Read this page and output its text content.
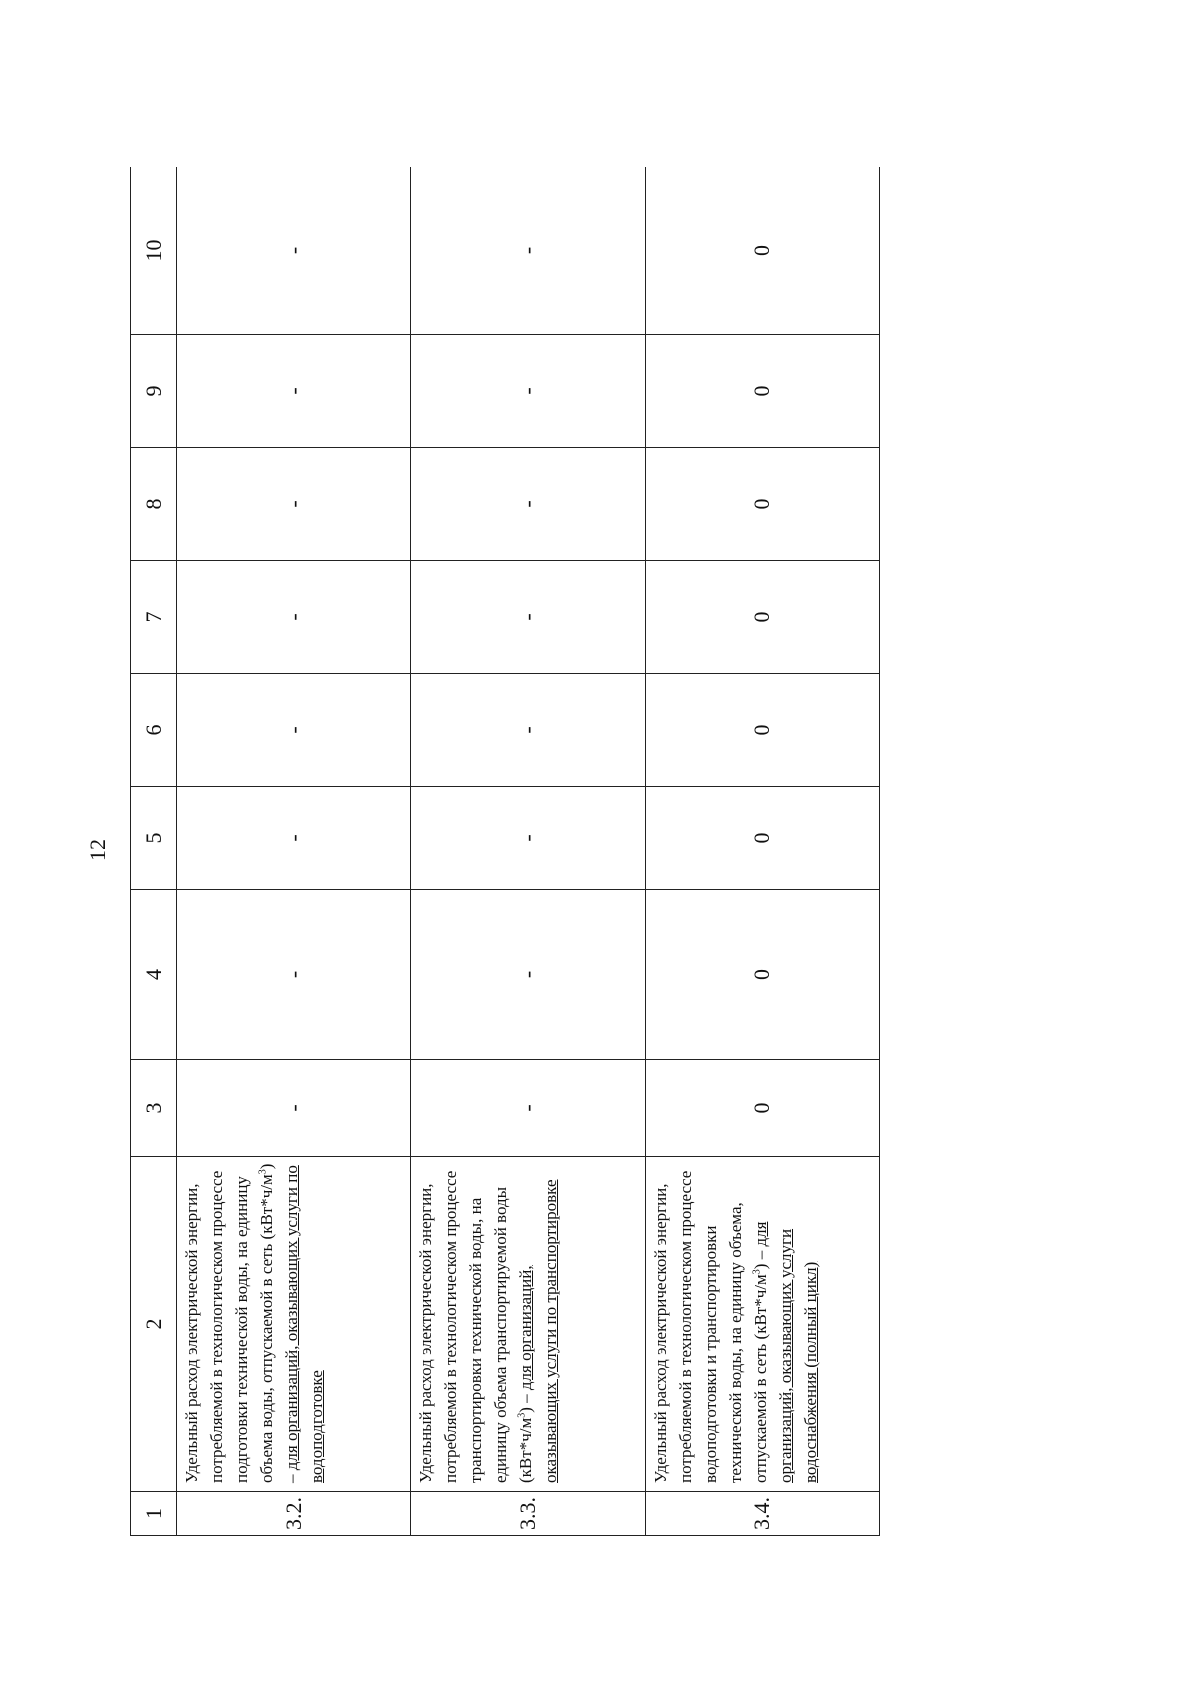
12
1	2	3	4	5	6	7	8	9	10
3.2.	Удельный расход электрической энергии, потребляемой в технологическом процессе подготовки технической воды, на единицу объема воды, отпускаемой в сеть $(кВт*ч/м^3)$ – для организаций, оказывающих услуги по водоподготовке	-	-	-	-	-	-	-	-
3.3.	Удельный расход электрической энергии, потребляемой в технологическом процессе транспортировки технической воды, на единицу объема транспортируемой воды $(кВт*ч/м^3)$ – для организаций, оказывающих услуги по транспортировке	-	-	-	-	-	-	-	-
3.4.	Удельный расход электрической энергии, потребляемой в технологическом процессе водоподготовки и транспортировки технической воды, на единицу объема, отпускаемой в сеть $(кВт*ч/м^3)$ – для организаций, оказывающих услуги водоснабжения (полный цикл)	0	0	0	0	0	0	0	0
